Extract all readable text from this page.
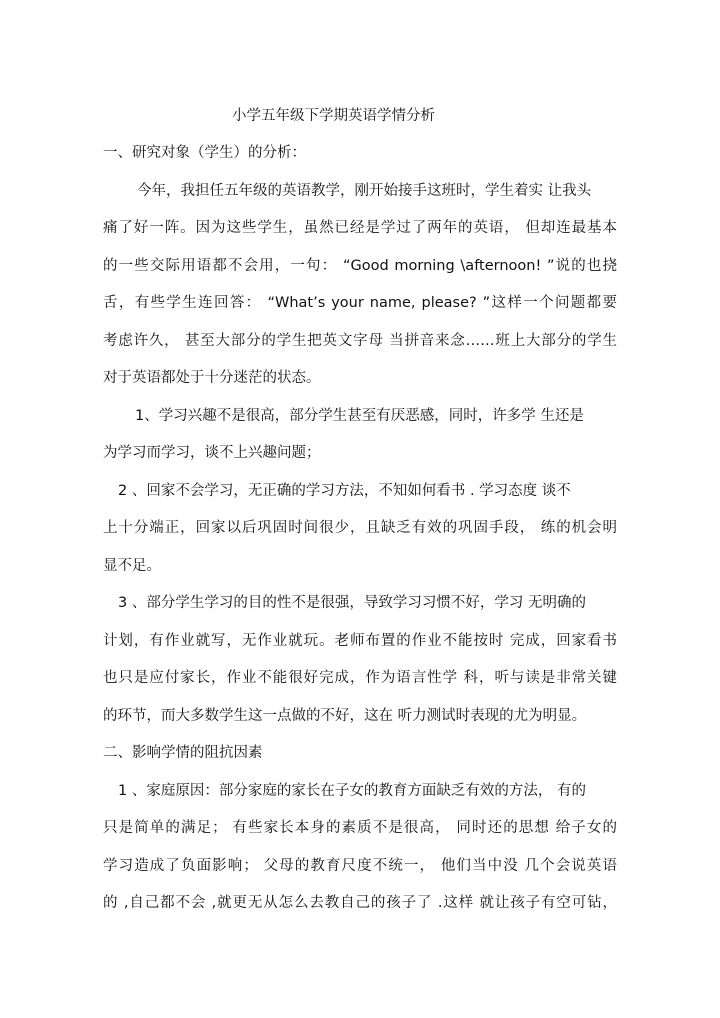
小学五年级下学期英语学情分析
一、研究对象（学生）的分析：
今年，我担任五年级的英语教学，刚开始接手这班时，学生着实 让我头
痛了好一阵。因为这些学生，虽然已经是学过了两年的英语， 但却连最基本
的一些交际用语都不会用，一句： “Good morning \afternoon! ”说的也挠
舌，有些学生连回答： “What’s your name, please? ”这样一个问题都要
考虑许久， 甚至大部分的学生把英文字母 当拼音来念……班上大部分的学生
对于英语都处于十分迷茫的状态。
1、学习兴趣不是很高，部分学生甚至有厌恶感，同时，许多学 生还是
为学习而学习，谈不上兴趣问题；
2 、回家不会学习，无正确的学习方法，不知如何看书 . 学习态度 谈不
上十分端正，回家以后巩固时间很少，且缺乏有效的巩固手段， 练的机会明
显不足。
3 、部分学生学习的目的性不是很强，导致学习习惯不好，学习 无明确的
计划，有作业就写，无作业就玩。老师布置的作业不能按时 完成，回家看书
也只是应付家长，作业不能很好完成，作为语言性学 科，听与读是非常关键
的环节，而大多数学生这一点做的不好，这在 听力测试时表现的尤为明显。
二、影响学情的阻抗因素
1 、家庭原因：部分家庭的家长在子女的教育方面缺乏有效的方法， 有的
只是简单的满足； 有些家长本身的素质不是很高， 同时还的思想 给子女的
学习造成了负面影响； 父母的教育尺度不统一， 他们当中没 几个会说英语
的 ,自己都不会 ,就更无从怎么去教自己的孩子了 .这样 就让孩子有空可钻，
